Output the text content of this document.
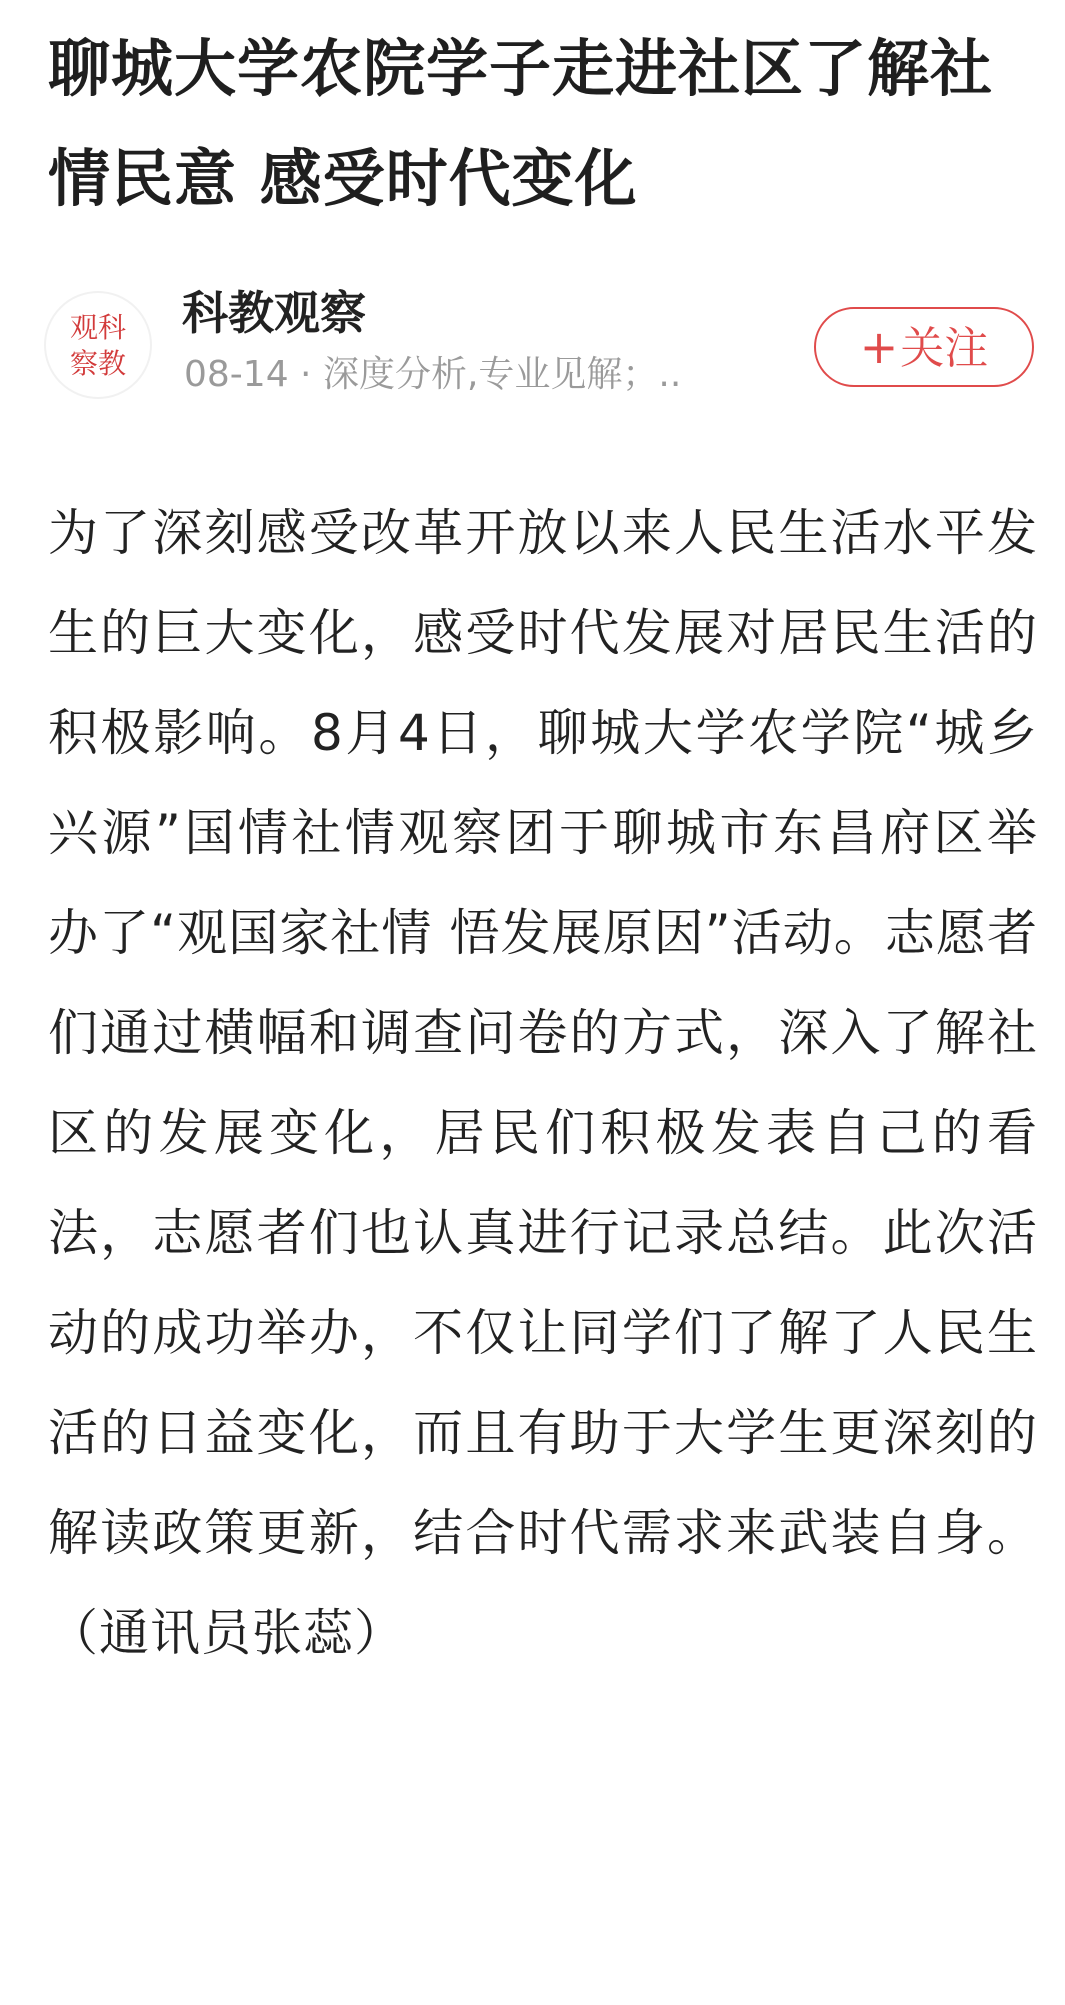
聊城大学农院学子走进社区了解社情民意 感受时代变化
观科
察教
科教观察
08-14 · 深度分析,专业见解；..
+关注

为了深刻感受改革开放以来人民生活水平发生的巨大变化，感受时代发展对居民生活的积极影响。8月4日，聊城大学农学院“城乡兴源”国情社情观察团于聊城市东昌府区举办了“观国家社情 悟发展原因”活动。志愿者们通过横幅和调查问卷的方式，深入了解社区的发展变化，居民们积极发表自己的看法，志愿者们也认真进行记录总结。此次活动的成功举办，不仅让同学们了解了人民生活的日益变化，而且有助于大学生更深刻的解读政策更新，结合时代需求来武装自身。（通讯员张蕊）
